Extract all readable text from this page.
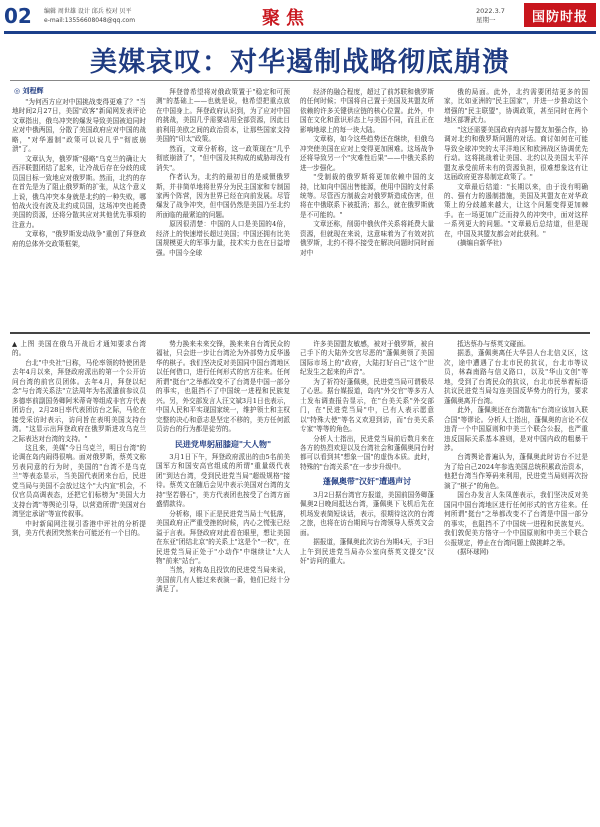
02 编辑 周世雄 设计 邱兵 校对 贝平
e-mail:13556608048@qq.com	聚焦	2022.3.7
星期一	国防时报
美媒哀叹：对华遏制战略彻底崩溃
◎ 刘程辉

"为何西方应对中国挑战变得更难了？"当地时间2月27日，美国"政客"新闻网发表评论文章指出，俄乌冲突的爆发导致美国被迫同时应对中俄两国，分散了美国政府应对中国的战略，"对华遏制"政策可以说几乎"彻底崩溃"了。

文章认为，俄罗斯"侵略"乌克兰的确让大西洋联盟团结了起来，让冷战后存在分歧的成员国目标一致地应对俄罗斯。然而，北约的存在首先是为了阻止俄罗斯的扩张，从这个意义上说，俄乌冲突本身就是北约的一种失败，哪怕战火没有波及北约成员国，这场冲突也耗费美国的资源，还将分散其应对其他优先事项的注意力。

文章称，"俄罗斯发动战争"重创了拜登政府的总体外交政策框架，

拜登曾希望将对俄政策置于"稳定和可预测"的基础上——也就是说，他希望把重点放在中国身上。拜登政府认识到，为了应对中国的挑战，美国几乎需要动用全部资源，因此目前利用美欧之间的政治资本，让那些国家支持美国的"印太"政策。

然而，文章分析称，这一政策现在"几乎彻底崩溃了"，"但中国及其构成的威胁却没有消失"。

作者认为，北约的最初目的是威慑俄罗斯，并非简单地将世界分为民主国家和专制国家两个阵营，因为世界已经在向前发展。尽管爆发了战争冲突，但中国仍然是美国乃至北约所面临的最紧迫的问题。

原因很清楚：中国的人口是美国的4倍，经济上的快速增长超过美国；中国还拥有比美国规模更大的军事力量，技术实力也在日益增强。中国今全球

经济的融合程度，超过了前苏联和俄罗斯的任何时候；中国将自己置于美国及其盟友所依赖的许多关键供应链的核心位置。此外，中国在文化和意识形态上与美国不同，而且正在影响地球上的每一块大陆。

文章称，如今这些趋势还在继续，但俄乌冲突使美国在应对上变得更加困难。这场战争还将导致另一个"灾难性后果"——中俄关系的进一步强化。

"受制裁的俄罗斯将更加依赖中国的支持，比如向中国出售能源，使用中国的支付系统等。尽管西方制裁会对俄罗斯造成伤害，但将在中俄联系下被抵消；那么，就在俄罗斯就是不可能的。"

文章还称，削弱中俄伙伴关系将耗费大量资源，但就现在来说，这意味着为了有效对抗俄罗斯，北约不得不接受在解决问题时同时面对中

俄的局面。此外，北约需要团结更多的国家，比如亚洲的"民主国家"，并进一步推动这个增强的"民主联盟"，协调政策，甚至同时在两个地区部署武力。

"这还需要美国政府内部与盟友加强合作，协调对北约和俄罗斯问题的对话。商讨如何在可能导致全球冲突的太平洋地区和欧洲战区协调优先行动。这将挑战着让美国、北约以及美国太平洋盟友承受前所未有的资源负担，很难想象这有让这届政府更容易制定政策了。"

文章最后结道："长期以来，由于没有明确的、强有力的遏制措施，美国及其盟友在对华政策上的分歧越来越大，让这个问题变得更加棘手。在一场更加广泛而持久的冲突中，面对这样一系列更大的问题。"文章最后总结道，但是现在，中国及其盟友都会对此获利。"

(摘编自新华社)

▲ 上图 美国在俄乌开战后才通知要求台湾的。

台北"中央社"日称，马伦率领的特使团是去年4月以来，拜登政府派出的第一个公开访问台湾的前官员团体。去年4月，拜登以纪念"与台湾关系法"立法周年为名派遣前参议员多德率前副国务卿阿米蒂奇等组成非官方代表团访台，2月28日率代表团访台之际，马伦在接受采访时表示，访问旨在表明美国支持台湾。"这显示出拜登政府在俄罗斯进攻乌克兰之际表达对台湾的支持。"

这且来，美媒"今日乌克兰，明日台湾"的论调在岛内闹得很响。面对俄罗斯，蔡英文称另表同意的行为时，美国的"台湾不是乌克兰"等表态显示，当美国代表团来台后，民进党当局与美国不会放过这个"大内宣"机会，不仅官员高调表态，还把它们标榜为"美国大力支持台湾"等舆论引导，以营造所谓"美国对台湾坚定承诺"等宣传叙事。

中时新闻网注视引香港中评社的分析提到，美方代表团突然来台可能还有一个目的。

势力换来未来交锋，换来来自台湾民众的福祉，只会进一步让台湾沦为外部势力反华遏华的棋子。我们坚决反对美国同中国台湾地区以任何借口，进行任何形式的官方往来。任何所谓"挺台"之举都改变不了台湾是中国一部分的事实，也阻挡不了中国统一进程和民族复兴。另，外交部发言人汪文斌3月1日也表示，中国人民和平实现国家统一，维护领土和主权完整的决心和意志是坚定不移的，美方任何派员访台的行为都是徒劳的。

民进党卑躬屈膝迎"大人物"

3月1日下午，拜登政府派出的由5名前美国军方和国安高官组成的所谓"重量级代表团"到达台湾，受到民进党当局"超级规格"接待。蔡英文在随后会见中表示美国对台湾的支持"坚若磐石"，美方代表团也按受了台湾方面盛情款待。

分析称，眼下正是民进党当局士气低落，美国政府正严重受挫的时候，内心之慌张已经溢于言表。拜登政府对此看在眼里，想让美国在东亚"团结北京"的关系上"这是个"一枚"，在民进党当局正处于"小动作"中继续让"大人物"前来"站台"。

当然，对构岛且投饮的民进党当局来说，美国前几有人能过来表演一番，他们已经十分满足了。

许多美国盟友敏感，被对于俄罗斯，被自己手下的大陆外交官尽恶的"蓬佩奥领了美国国际市场上的"政府，大陆打好自己"这个"世纪发生之起来的声音"。

为了祈符好蓬佩奥，民进党当局可谓极尽了心思。据台媒报道，岛内"外交官"等多方人士发布调查报告显示，在"台美关系"外交部门，在"民进党当局"中，已有人表示愿意以"特殊大使"等名义欢迎到访，而"台美关系专家"等等的角色。

分析人士指出，民进党当局前后数月来在各方的热烈欢迎以及台湾社会和蓬佩奥同台时都可以看到其"想象一国"的虚伪本质。此时，特殊的"台湾关系"在一步步升级中。

蓬佩奥带"汉奸"遭遇声讨

3月2日据台湾官方报道，美国前国务卿蓬佩奥2日晚间抵达台湾，蓬佩奥下飞机后先在机场发表简短谈话，表示，很期待这次的台湾之旅，也将在访台期间与台湾领导人蔡英文会面。

据报道，蓬佩奥此次访台为期4天，于3日上午到民进党当局办公室向蔡英文提交"汉奸"访问的重大。

抵达蔡办与蔡英文碰面。

据悉，蓬佩奥离任大华县人台北信义区，这次，途中遭遇了台北市民的抗议，台北市等议员，林森南路与信义路口，以及"华山文创"等地，受到了台湾民众的抗议，台北市民举着标语抗议民进党当局勾连美国反华势力的行为，要求蓬佩奥离开台湾。

此外，蓬佩奥还在台湾散布"台湾应该加入联合国"等谬论。分析人士指出，蓬佩奥的言论不仅违背一个中国原则和中美三个联合公报，也严重违反国际关系基本准则，是对中国内政的粗暴干涉。

台湾舆论普遍认为，蓬佩奥此时访台不过是为了给自己2024年参选美国总统积累政治资本，他把台湾当作筹码来利用，民进党当局则再次扮演了"棋子"的角色。

国台办发言人朱凤莲表示，我们坚决反对美国同中国台湾地区进行任何形式的官方往来。任何所谓"挺台"之举都改变不了台湾是中国一部分的事实，也阻挡不了中国统一进程和民族复兴。我们敦促美方恪守一个中国原则和中美三个联合公报规定，停止在台湾问题上做挑衅之举。

(据环球网)
